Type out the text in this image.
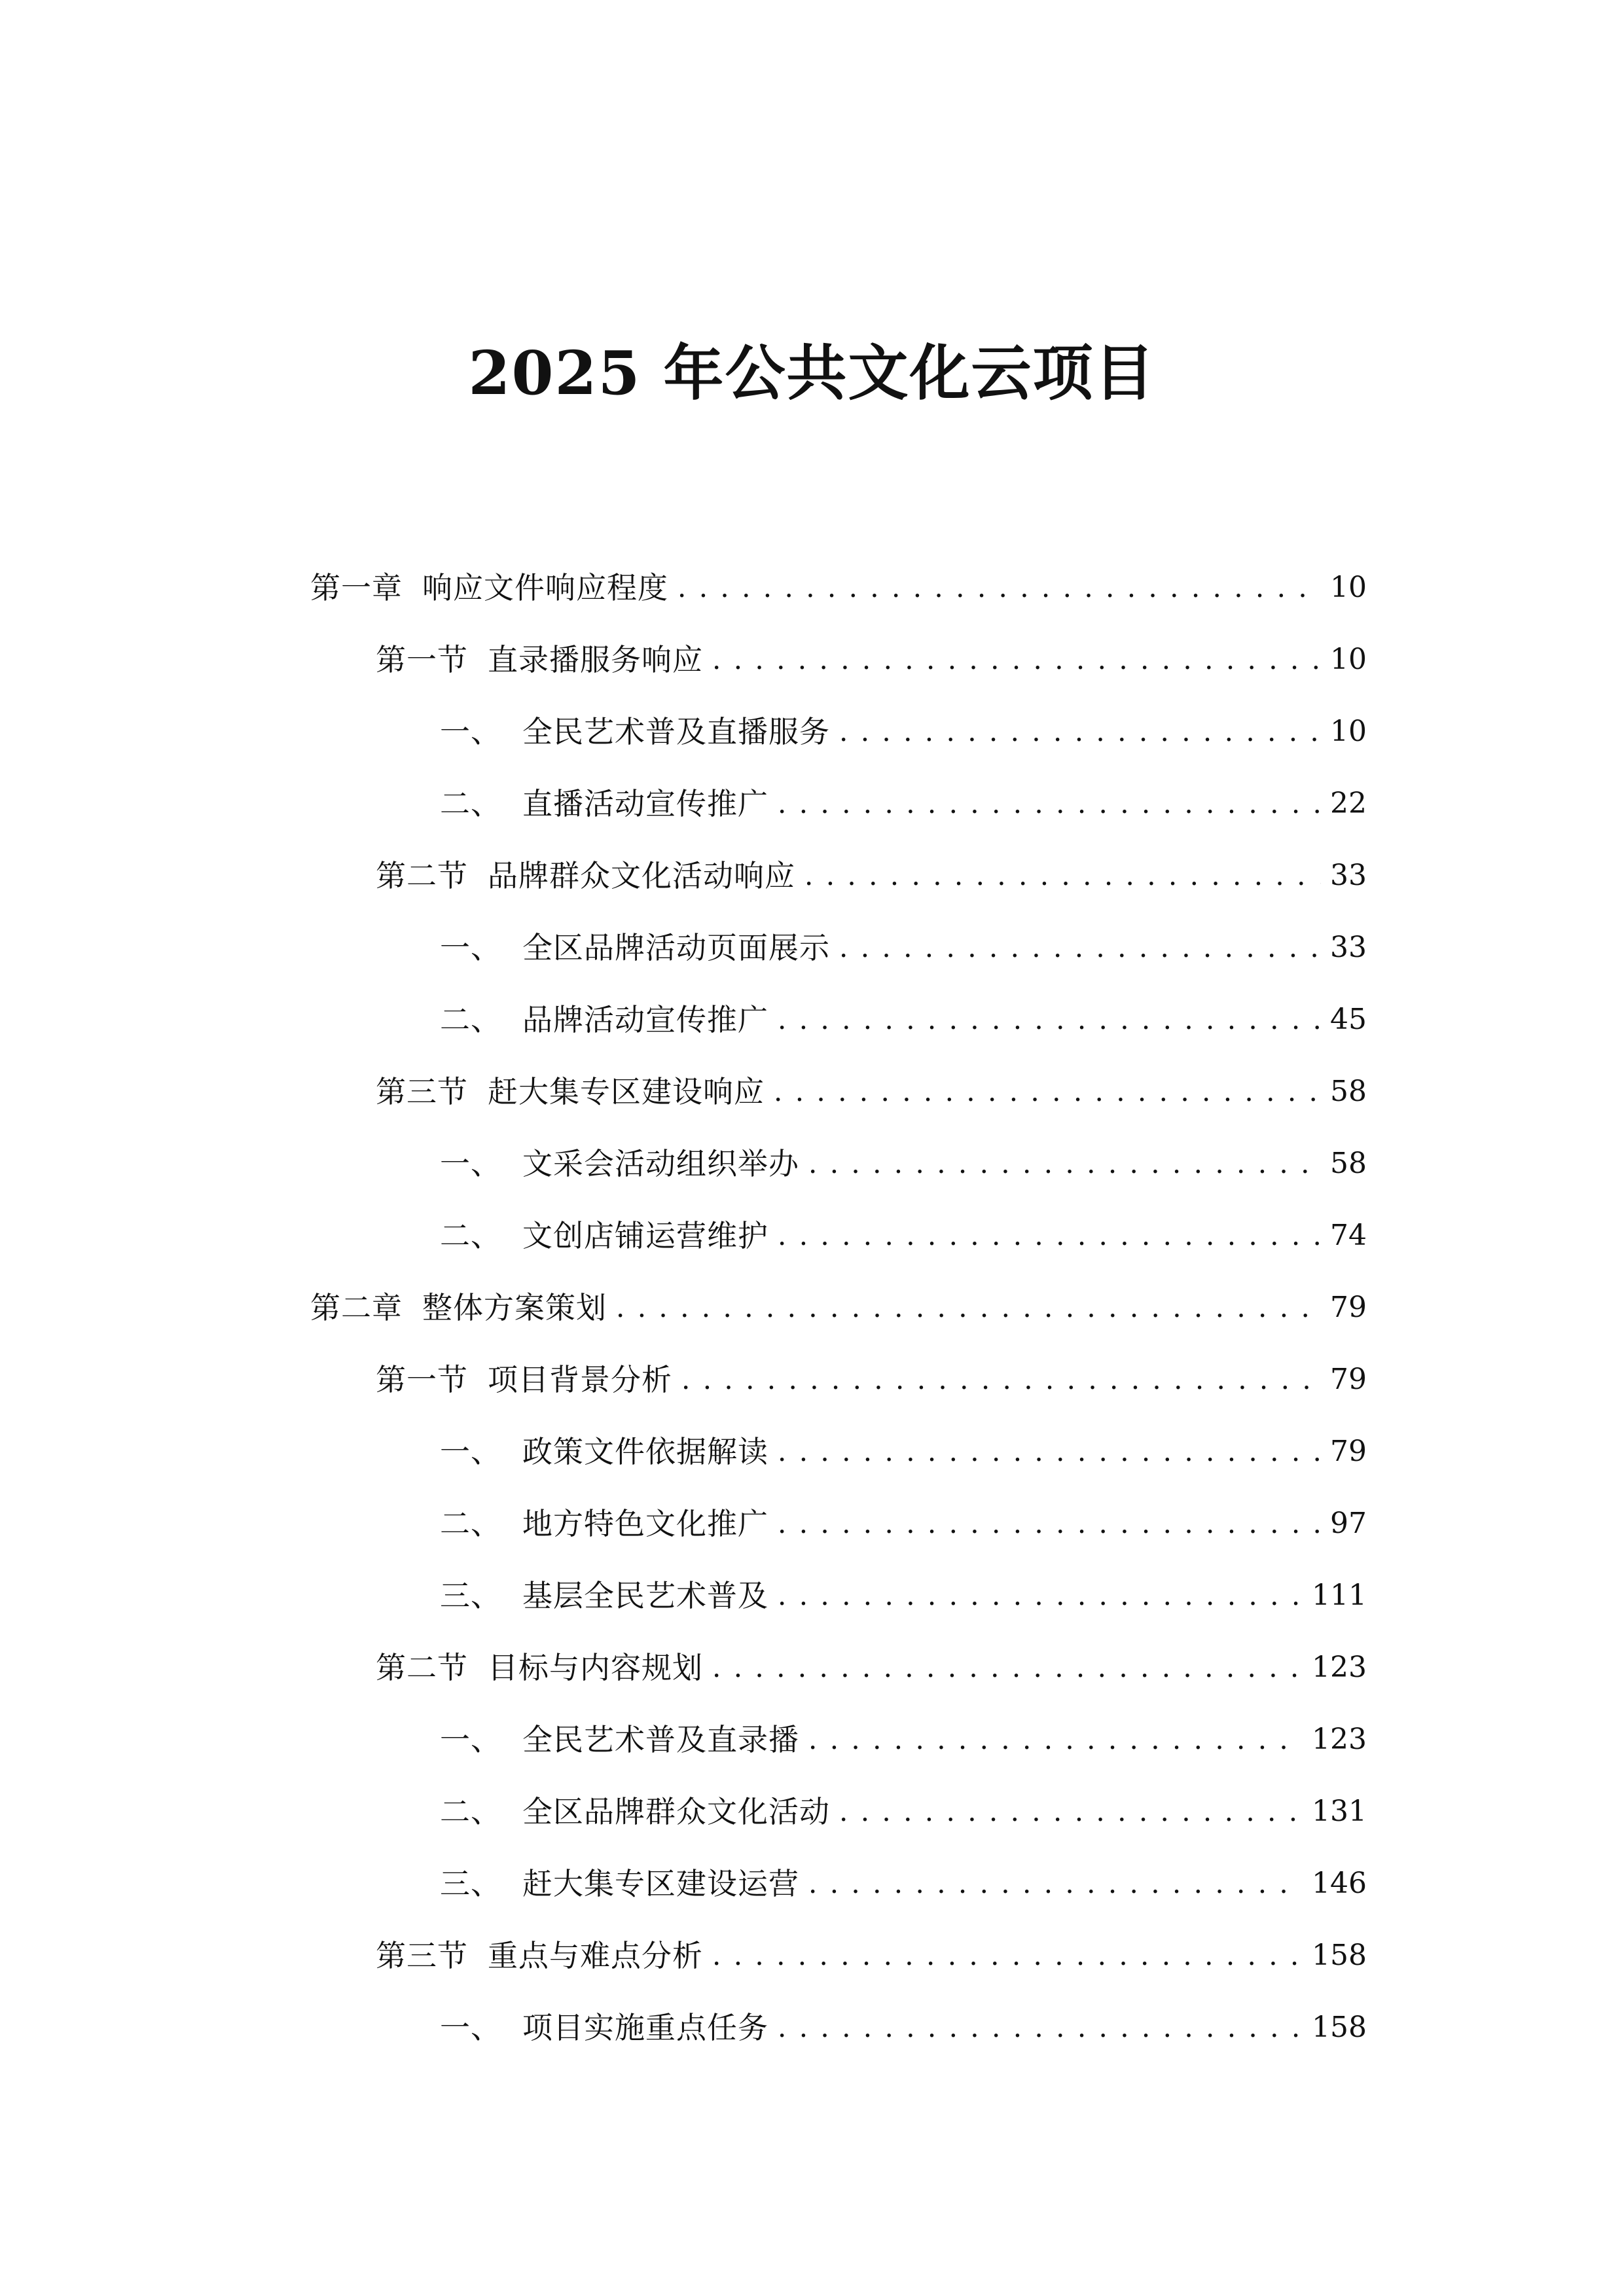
2025 年公共文化云项目
第一章 响应文件响应程度 . . .	10
第一节 直录播服务响应 . . .	10
一、 全民艺术普及直播服务 . . .	10
二、 直播活动宣传推广 . . .	22
第二节 品牌群众文化活动响应 . . .	33
一、 全区品牌活动页面展示 . . .	33
二、 品牌活动宣传推广 . . .	45
第三节 赶大集专区建设响应 . . .	58
一、 文采会活动组织举办 . . .	58
二、 文创店铺运营维护 . . .	74
第二章 整体方案策划 . . .	79
第一节 项目背景分析 . . .	79
一、 政策文件依据解读 . . .	79
二、 地方特色文化推广 . . .	97
三、 基层全民艺术普及 . . .	111
第二节 目标与内容规划 . . .	123
一、 全民艺术普及直录播 . . .	123
二、 全区品牌群众文化活动 . . .	131
三、 赶大集专区建设运营 . . .	146
第三节 重点与难点分析 . . .	158
一、 项目实施重点任务 . . .	158
